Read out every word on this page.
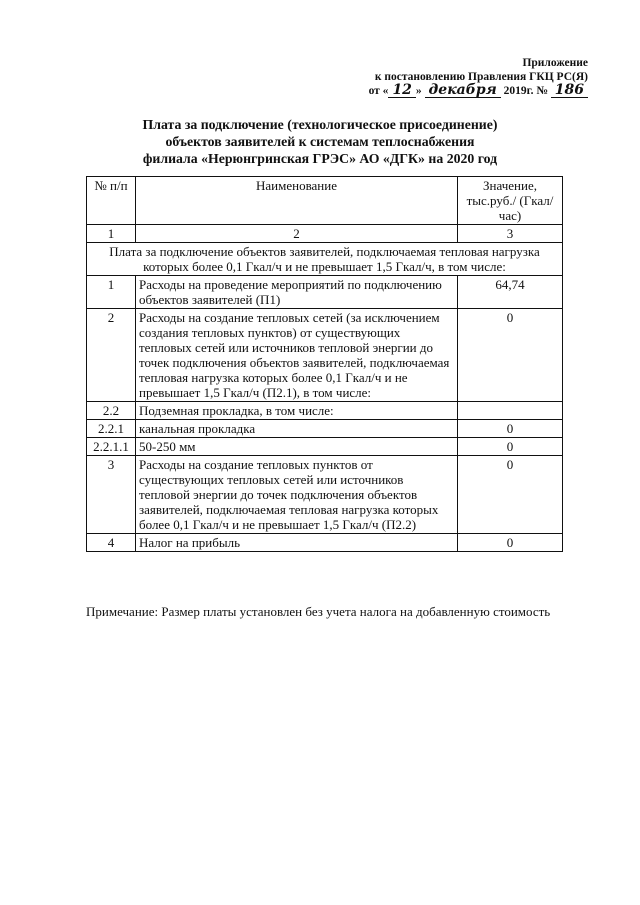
Приложение
к постановлению Правления ГКЦ РС(Я)
от « 12 » декабря 2019г. № 186
Плата за подключение (технологическое присоединение)
объектов заявителей к системам теплоснабжения
филиала «Нерюнгринская ГРЭС» АО «ДГК» на 2020 год
№ п/п	Наименование	Значение, тыс.руб./ (Гкал/час)
1	2	3
Плата за подключение объектов заявителей, подключаемая тепловая нагрузка которых более 0,1 Гкал/ч и не превышает 1,5 Гкал/ч, в том числе:		
1	Расходы на проведение мероприятий по подключению объектов заявителей (П1)	64,74
2	Расходы на создание тепловых сетей (за исключением создания тепловых пунктов) от существующих тепловых сетей или источников тепловой энергии до точек подключения объектов заявителей, подключаемая тепловая нагрузка которых более 0,1 Гкал/ч и не превышает 1,5 Гкал/ч (П2.1), в том числе:	0
2.2	Подземная прокладка, в том числе:	
2.2.1	канальная прокладка	0
2.2.1.1	50-250 мм	0
3	Расходы на создание тепловых пунктов от существующих тепловых сетей или источников тепловой энергии до точек подключения объектов заявителей, подключаемая тепловая нагрузка которых более 0,1 Гкал/ч и не превышает 1,5 Гкал/ч (П2.2)	0
4	Налог на прибыль	0
Примечание: Размер платы установлен без учета налога на добавленную стоимость
